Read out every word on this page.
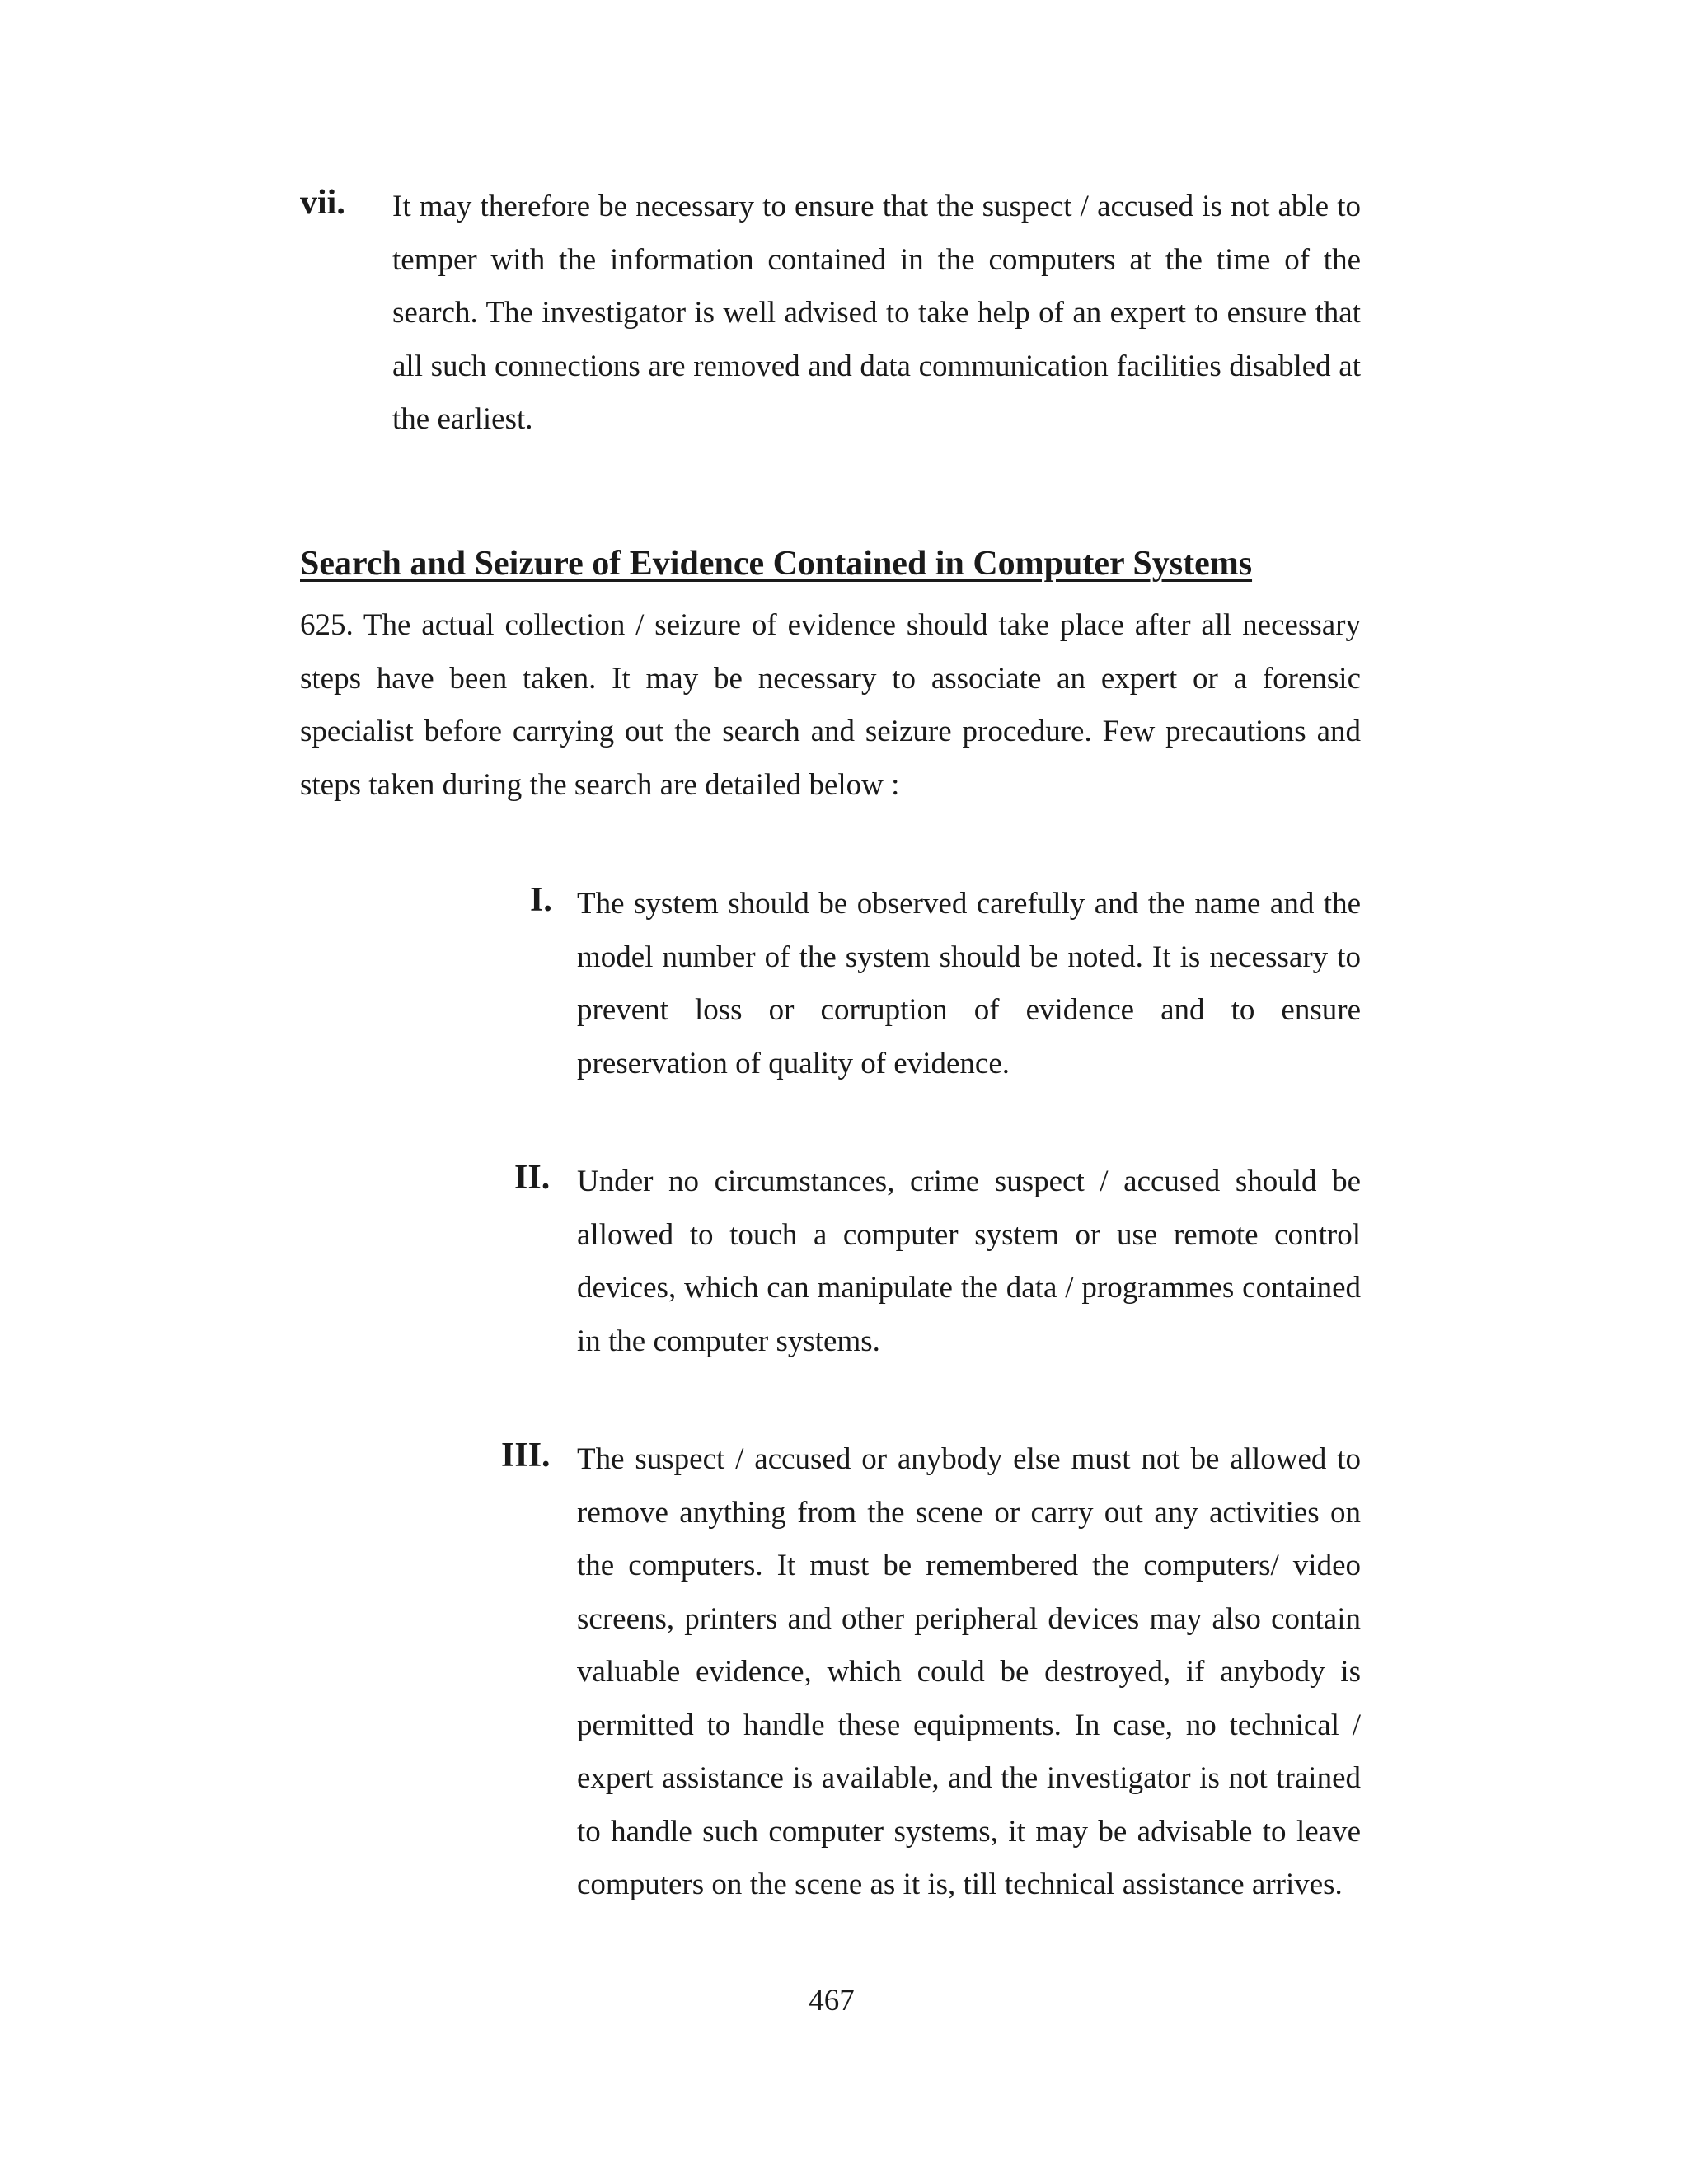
vii. It may therefore be necessary to ensure that the suspect / accused is not able to temper with the information contained in the computers at the time of the search. The investigator is well advised to take help of an expert to ensure that all such connections are removed and data communication facilities disabled at the earliest.

Search and Seizure of Evidence Contained in Computer Systems

625. The actual collection / seizure of evidence should take place after all necessary steps have been taken. It may be necessary to associate an expert or a forensic specialist before carrying out the search and seizure procedure. Few precautions and steps taken during the search are detailed below :

I. The system should be observed carefully and the name and the model number of the system should be noted. It is necessary to prevent loss or corruption of evidence and to ensure preservation of quality of evidence.

II. Under no circumstances, crime suspect / accused should be allowed to touch a computer system or use remote control devices, which can manipulate the data / programmes contained in the computer systems.

III. The suspect / accused or anybody else must not be allowed to remove anything from the scene or carry out any activities on the computers. It must be remembered the computers/ video screens, printers and other peripheral devices may also contain valuable evidence, which could be destroyed, if anybody is permitted to handle these equipments. In case, no technical / expert assistance is available, and the investigator is not trained to handle such computer systems, it may be advisable to leave computers on the scene as it is, till technical assistance arrives.

467
